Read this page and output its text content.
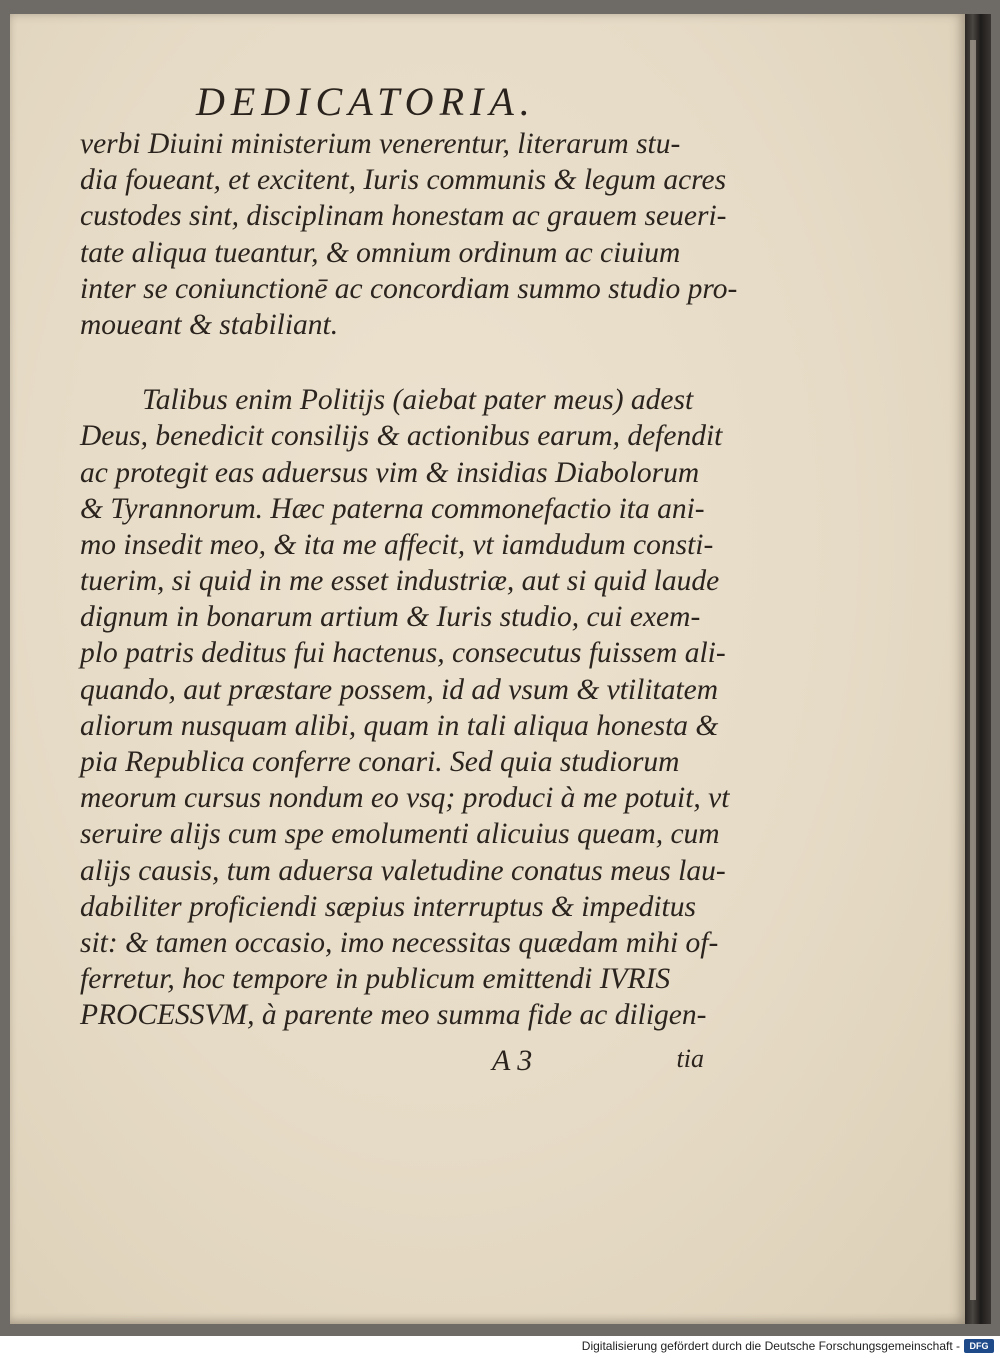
DEDICATORIA.
verbi Diuini ministerium venerentur, literarum stu-
dia foueant, et excitent, Iuris communis & legum acres
custodes sint, disciplinam honestam ac grauem seueri-
tate aliqua tueantur, & omnium ordinum ac ciuium
inter se coniunctionē ac concordiam summo studio pro-
moueant & stabiliant.
Talibus enim Politijs (aiebat pater meus) adest
Deus, benedicit consilijs & actionibus earum, defendit
ac protegit eas aduersus vim & insidias Diabolorum
& Tyrannorum. Hæc paterna commonefactio ita ani-
mo insedit meo, & ita me affecit, vt iamdudum consti-
tuerim, si quid in me esset industriæ, aut si quid laude
dignum in bonarum artium & Iuris studio, cui exem-
plo patris deditus fui hactenus, consecutus fuissem ali-
quando, aut præstare possem, id ad vsum & vtilitatem
aliorum nusquam alibi, quam in tali aliqua honesta &
pia Republica conferre conari. Sed quia studiorum
meorum cursus nondum eo vsq; produci à me potuit, vt
seruire alijs cum spe emolumenti alicuius queam, cum
alijs causis, tum aduersa valetudine conatus meus lau-
dabiliter proficiendi sæpius interruptus & impeditus
sit: & tamen occasio, imo necessitas quædam mihi of-
ferretur, hoc tempore in publicum emittendi IVRIS
PROCESSVM, à parente meo summa fide ac diligen-
A 3	tia
Digitalisierung gefördert durch die Deutsche Forschungsgemeinschaft -	DFG
